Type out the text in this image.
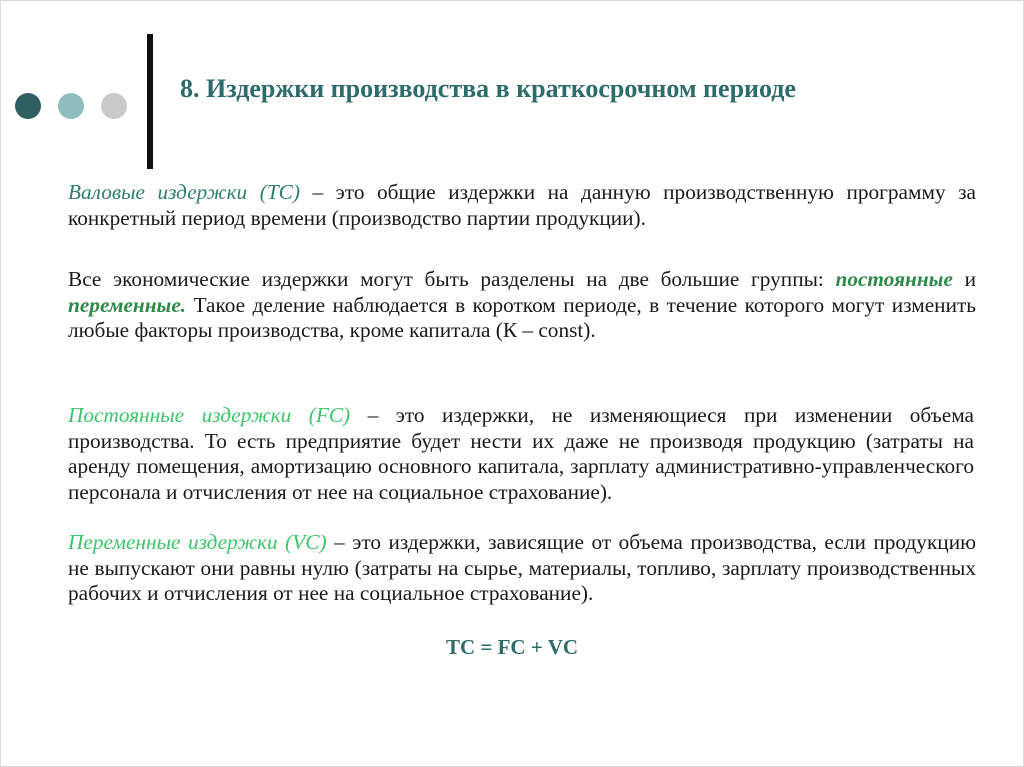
8. Издержки производства в краткосрочном периоде

Валовые издержки (TC) – это общие издержки на данную производственную программу за конкретный период времени (производство партии продукции).

Все экономические издержки могут быть разделены на две большие группы: постоянные и переменные. Такое деление наблюдается в коротком периоде, в течение которого могут изменить любые факторы производства, кроме капитала (К – const).

Постоянные издержки (FC) – это издержки, не изменяющиеся при изменении объема производства. То есть предприятие будет нести их даже не производя продукцию (затраты на аренду помещения, амортизацию основного капитала, зарплату административно-управленческого персонала и отчисления от нее на социальное страхование).

Переменные издержки (VC) – это издержки, зависящие от объема производства, если продукцию не выпускают они равны нулю (затраты на сырье, материалы, топливо, зарплату производственных рабочих и отчисления от нее на социальное страхование).

TC = FC + VC
